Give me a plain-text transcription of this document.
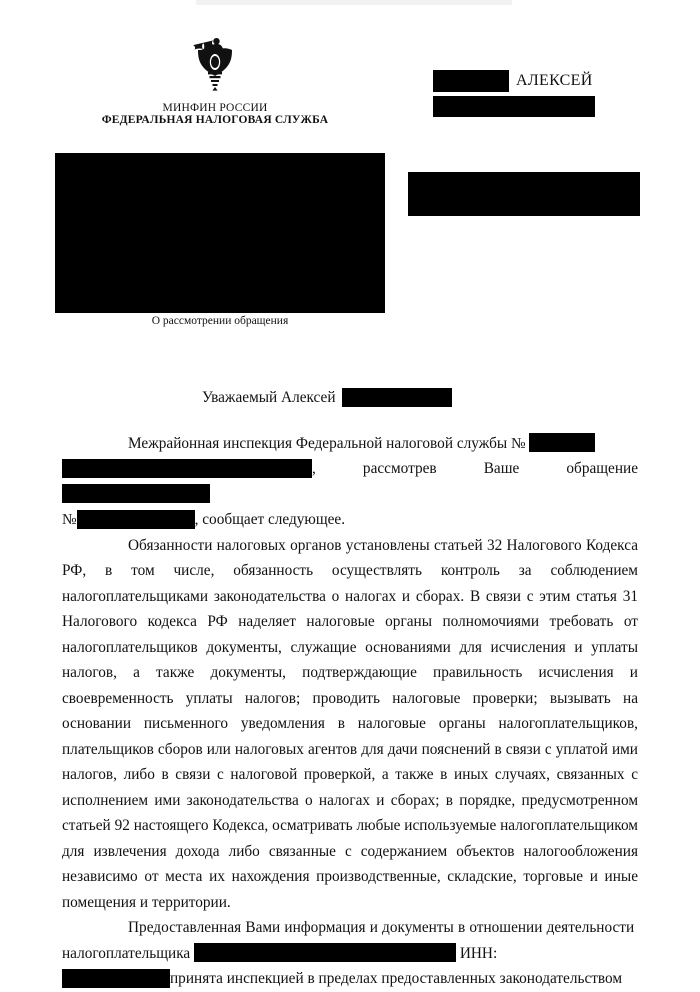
МИНФИН РОССИИ
ФЕДЕРАЛЬНАЯ НАЛОГОВАЯ СЛУЖБА
АЛЕКСЕЙ
О рассмотрении обращения
Уважаемый Алексей

Межрайонная инспекция Федеральной налоговой службы №
, рассмотрев Ваше обращение
№	, сообщает следующее.

Обязанности налоговых органов установлены статьей 32 Налогового Кодекса РФ, в том числе, обязанность осуществлять контроль за соблюдением налогоплательщиками законодательства о налогах и сборах. В связи с этим статья 31 Налогового кодекса РФ наделяет налоговые органы полномочиями требовать от налогоплательщиков документы, служащие основаниями для исчисления и уплаты налогов, а также документы, подтверждающие правильность исчисления и своевременность уплаты налогов; проводить налоговые проверки; вызывать на основании письменного уведомления в налоговые органы налогоплательщиков, плательщиков сборов или налоговых агентов для дачи пояснений в связи с уплатой ими налогов, либо в связи с налоговой проверкой, а также в иных случаях, связанных с исполнением ими законодательства о налогах и сборах; в порядке, предусмотренном статьей 92 настоящего Кодекса, осматривать любые используемые налогоплательщиком для извлечения дохода либо связанные с содержанием объектов налогообложения независимо от места их нахождения производственные, складские, торговые и иные помещения и территории.

Предоставленная Вами информация и документы в отношении деятельности  налогоплательщика	ИНН:
принята инспекцией в пределах предоставленных законодательством
